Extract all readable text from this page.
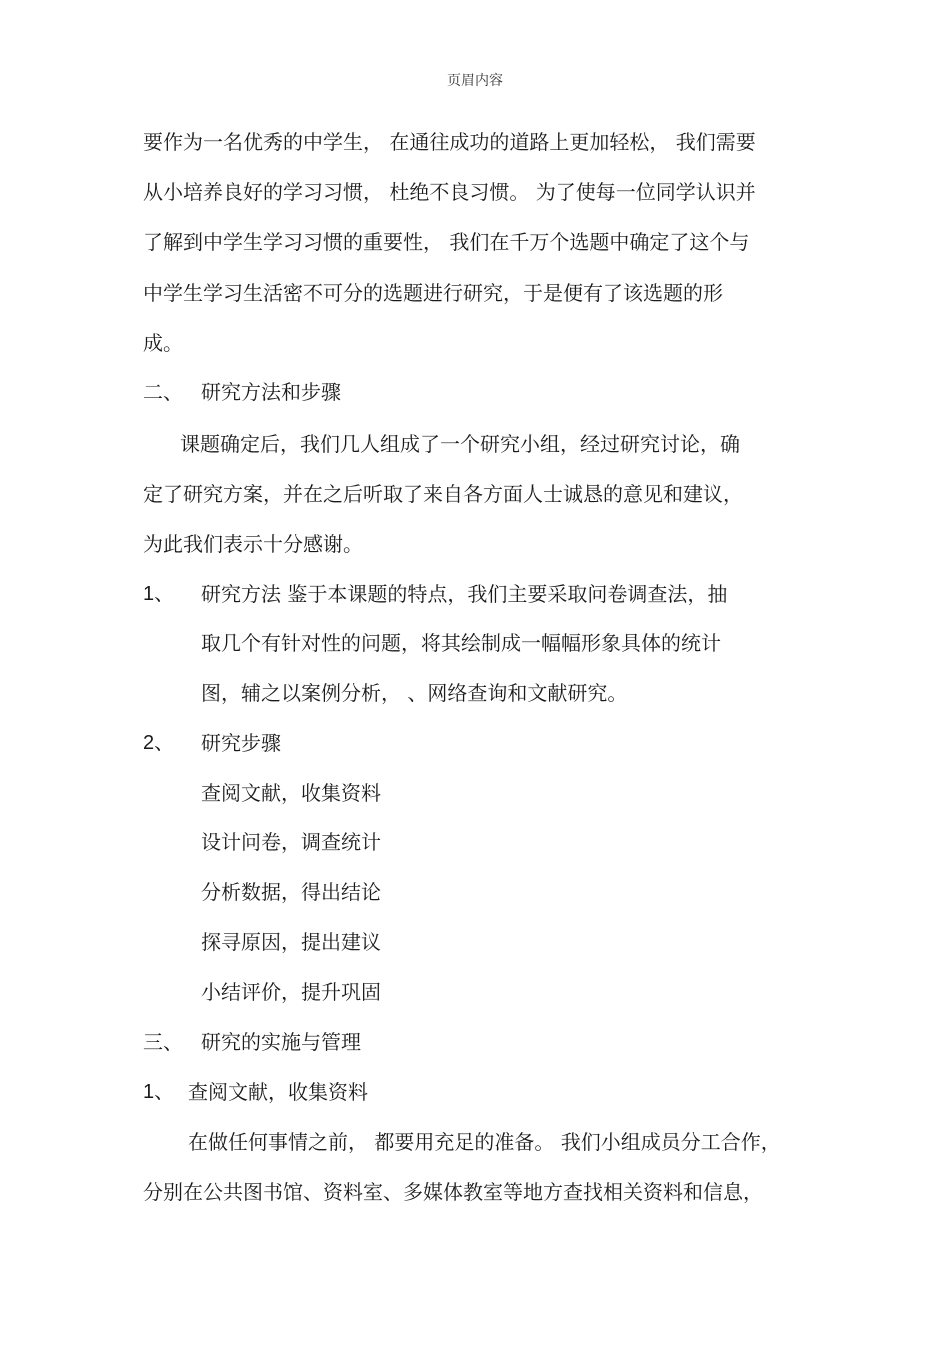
页眉内容
要作为一名优秀的中学生， 在通往成功的道路上更加轻松， 我们需要
从小培养良好的学习习惯， 杜绝不良习惯。 为了使每一位同学认识并
了解到中学生学习习惯的重要性， 我们在千万个选题中确定了这个与
中学生学习生活密不可分的选题进行研究，于是便有了该选题的形
成。
二、 研究方法和步骤
课题确定后，我们几人组成了一个研究小组，经过研究讨论，确
定了研究方案，并在之后听取了来自各方面人士诚恳的意见和建议，
为此我们表示十分感谢。
1、 研究方法 鉴于本课题的特点，我们主要采取问卷调查法，抽
取几个有针对性的问题，将其绘制成一幅幅形象具体的统计
图，辅之以案例分析， 、网络查询和文献研究。
2、 研究步骤
查阅文献，收集资料
设计问卷，调查统计
分析数据，得出结论
探寻原因，提出建议
小结评价，提升巩固
三、 研究的实施与管理
1、 查阅文献，收集资料
在做任何事情之前， 都要用充足的准备。 我们小组成员分工合作，
分别在公共图书馆、资料室、多媒体教室等地方查找相关资料和信息，
